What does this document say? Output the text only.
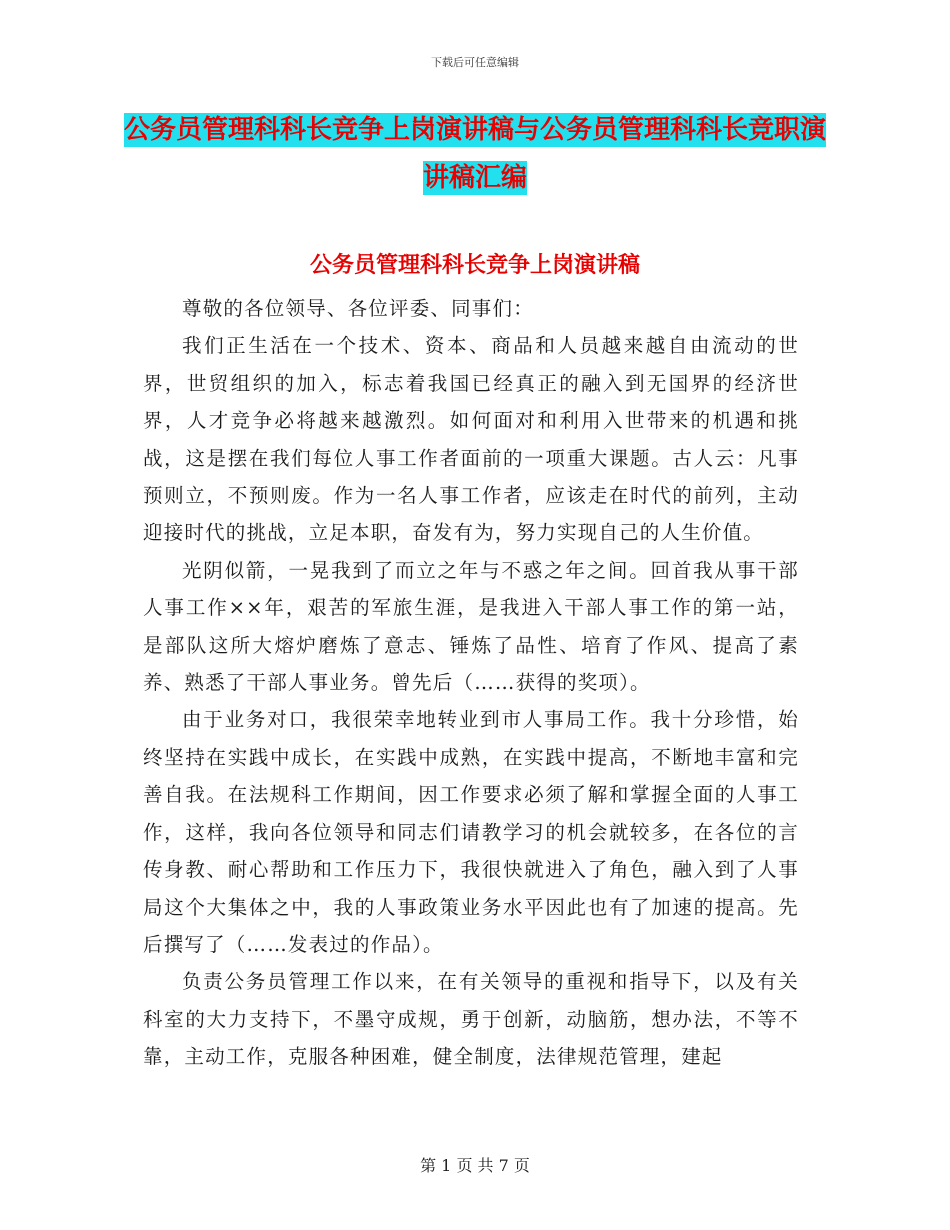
下载后可任意编辑
公务员管理科科长竞争上岗演讲稿与公务员管理科科长竞职演讲稿汇编
公务员管理科科长竞争上岗演讲稿

尊敬的各位领导、各位评委、同事们：

我们正生活在一个技术、资本、商品和人员越来越自由流动的世界，世贸组织的加入，标志着我国已经真正的融入到无国界的经济世界，人才竞争必将越来越激烈。如何面对和利用入世带来的机遇和挑战，这是摆在我们每位人事工作者面前的一项重大课题。古人云：凡事预则立，不预则废。作为一名人事工作者，应该走在时代的前列，主动迎接时代的挑战，立足本职，奋发有为，努力实现自己的人生价值。

光阴似箭，一晃我到了而立之年与不惑之年之间。回首我从事干部人事工作××年，艰苦的军旅生涯，是我进入干部人事工作的第一站，是部队这所大熔炉磨炼了意志、锤炼了品性、培育了作风、提高了素养、熟悉了干部人事业务。曾先后（……获得的奖项）。

由于业务对口，我很荣幸地转业到市人事局工作。我十分珍惜，始终坚持在实践中成长，在实践中成熟，在实践中提高，不断地丰富和完善自我。在法规科工作期间，因工作要求必须了解和掌握全面的人事工作，这样，我向各位领导和同志们请教学习的机会就较多，在各位的言传身教、耐心帮助和工作压力下，我很快就进入了角色，融入到了人事局这个大集体之中，我的人事政策业务水平因此也有了加速的提高。先后撰写了（……发表过的作品）。

负责公务员管理工作以来，在有关领导的重视和指导下，以及有关科室的大力支持下，不墨守成规，勇于创新，动脑筋，想办法，不等不靠，主动工作，克服各种困难，健全制度，法律规范管理，建起

第 1 页 共 7 页
